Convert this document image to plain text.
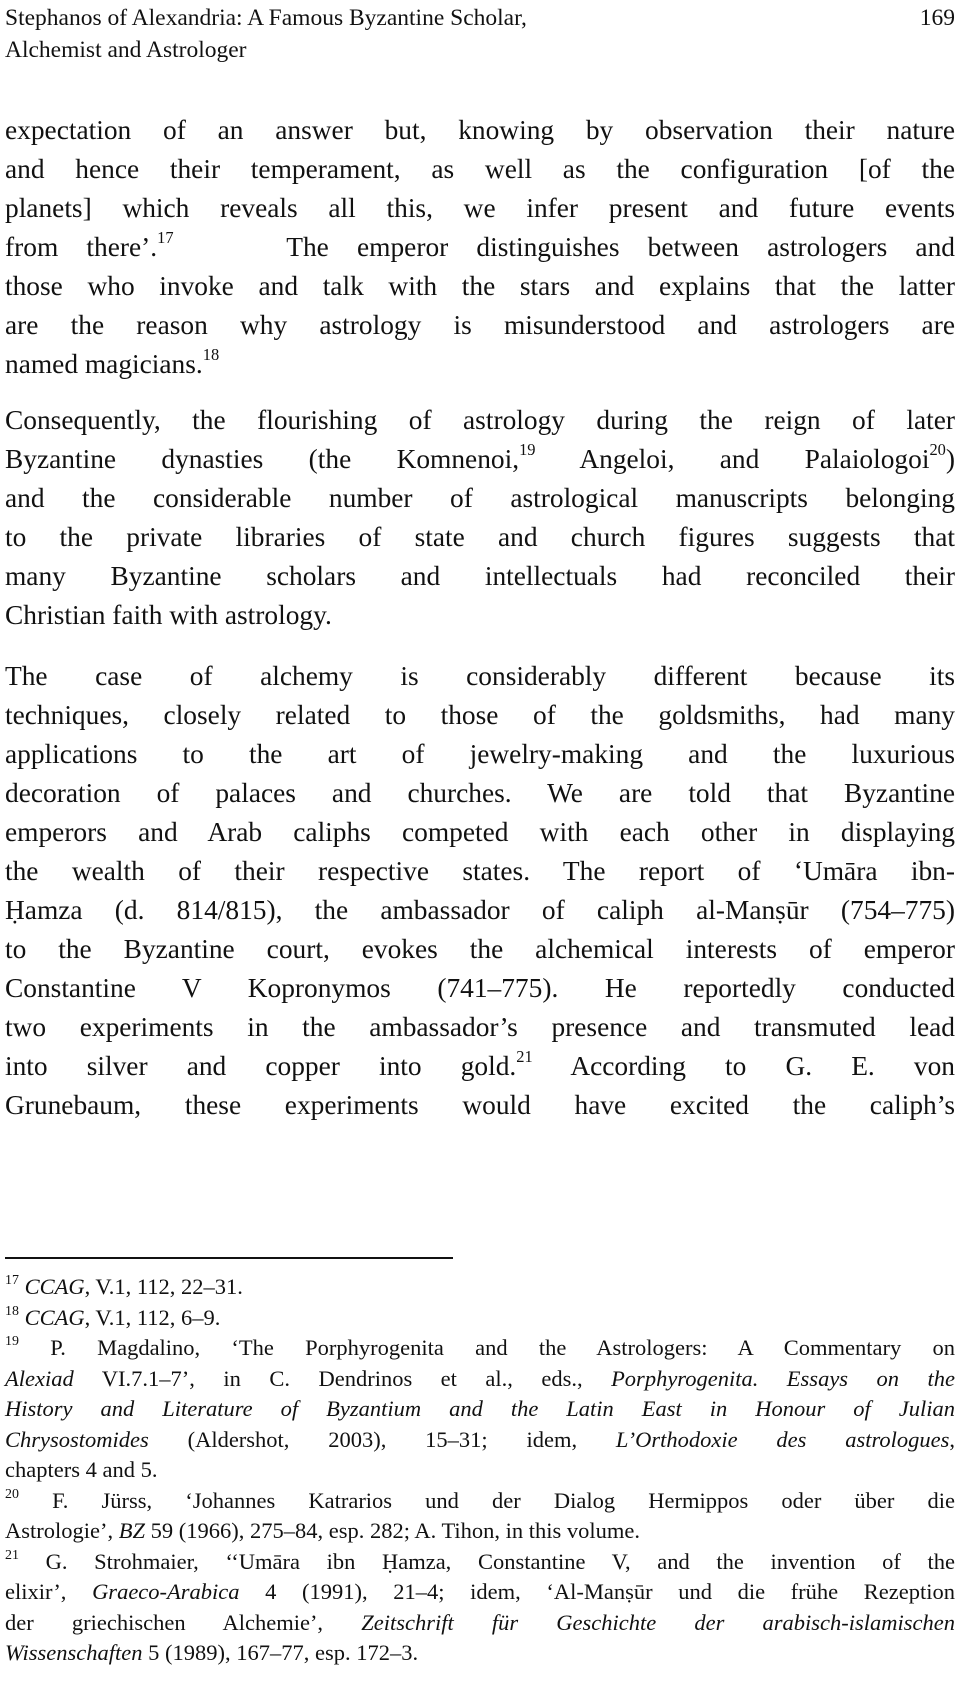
Stephanos of Alexandria: A Famous Byzantine Scholar,
Alchemist and Astrologer
169
expectation of an answer but, knowing by observation their nature
and hence their temperament, as well as the configuration [of the
planets] which reveals all this, we infer present and future events
from there’.$^{17}$	The emperor distinguishes between astrologers and
those who invoke and talk with the stars and explains that the latter
are the reason why astrology is misunderstood and astrologers are
named magicians.$^{18}$
Consequently, the flourishing of astrology during the reign of later
Byzantine dynasties (the Komnenoi,$^{19}$ Angeloi, and Palaiologoi$^{20}$)
and the considerable number of astrological manuscripts belonging
to the private libraries of state and church figures suggests that
many Byzantine scholars and intellectuals had reconciled their
Christian faith with astrology.
The case of alchemy is considerably different because its
techniques, closely related to those of the goldsmiths, had many
applications to the art of jewelry-making and the luxurious
decoration of palaces and churches. We are told that Byzantine
emperors and Arab caliphs competed with each other in displaying
the wealth of their respective states. The report of ‘Umāra ibn-
Ḥamza (d. 814/815), the ambassador of caliph al-Manṣūr (754–775)
to the Byzantine court, evokes the alchemical interests of emperor
Constantine V Kopronymos (741–775). He reportedly conducted
two experiments in the ambassador’s presence and transmuted lead
into silver and copper into gold.$^{21}$ According to G. E. von
Grunebaum, these experiments would have excited the caliph’s
$^{17}$ CCAG, V.1, 112, 22–31.
$^{18}$ CCAG, V.1, 112, 6–9.
$^{19}$ P. Magdalino, ‘The Porphyrogenita and the Astrologers: A Commentary on
Alexiad VI.7.1–7’, in C. Dendrinos et al., eds., Porphyrogenita. Essays on the
History and Literature of Byzantium and the Latin East in Honour of Julian
Chrysostomides (Aldershot, 2003), 15–31; idem, L’Orthodoxie des astrologues,
chapters 4 and 5.
$^{20}$ F. Jürss, ‘Johannes Katrarios und der Dialog Hermippos oder über die
Astrologie’, BZ 59 (1966), 275–84, esp. 282; A. Tihon, in this volume.
$^{21}$ G. Strohmaier, ‘‘Umāra ibn Ḥamza, Constantine V, and the invention of the
elixir’, Graeco-Arabica 4 (1991), 21–4; idem, ‘Al-Manṣūr und die frühe Rezeption
der griechischen Alchemie’, Zeitschrift für Geschichte der arabisch-islamischen
Wissenschaften 5 (1989), 167–77, esp. 172–3.
